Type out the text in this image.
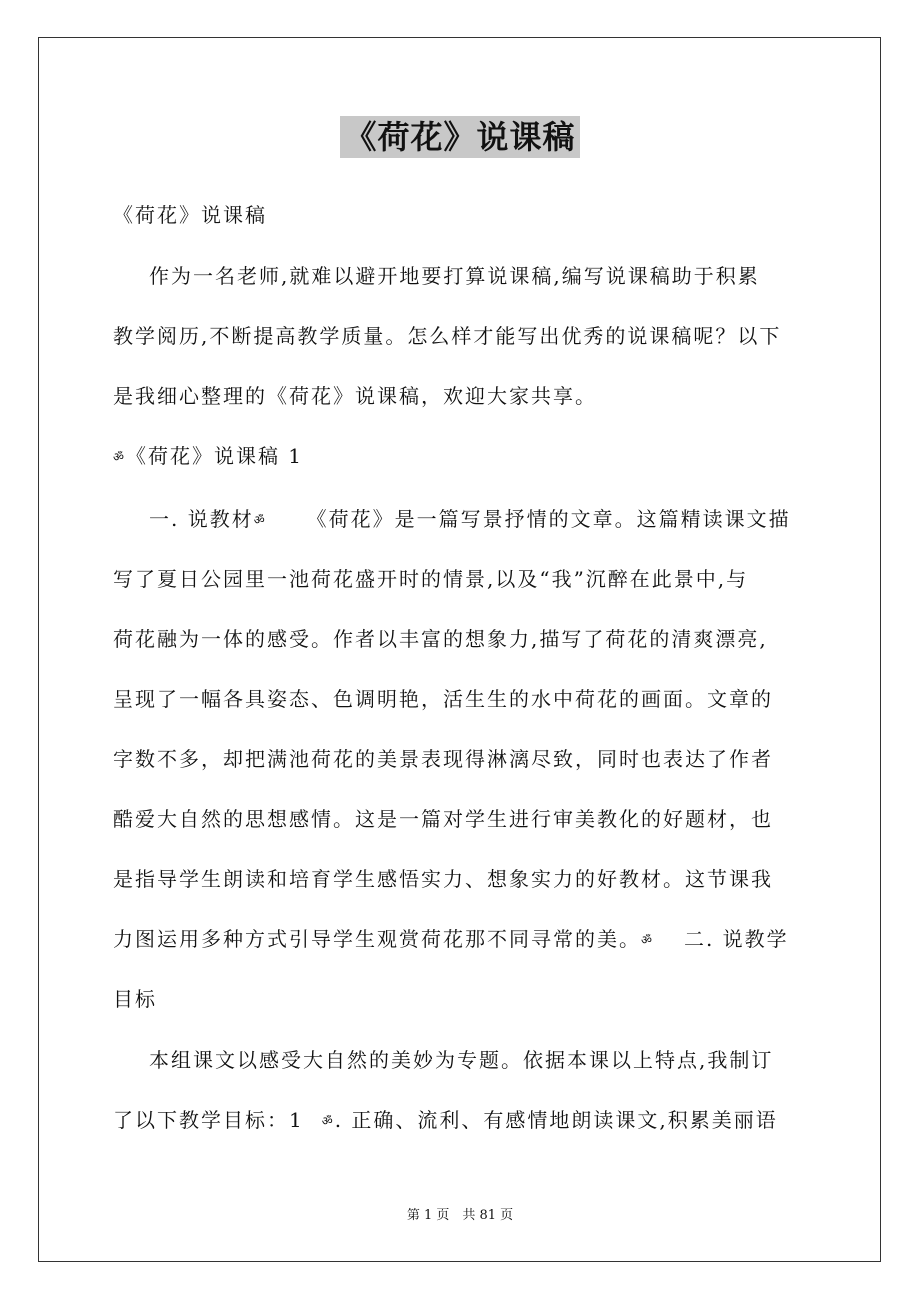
《荷花》说课稿
《荷花》说课稿
作为一名老师,就难以避开地要打算说课稿,编写说课稿助于积累
教学阅历,不断提高教学质量。怎么样才能写出优秀的说课稿呢？以下
是我细心整理的《荷花》说课稿，欢迎大家共享。
ॐ《荷花》说课稿 1
一. 说教材ॐ 《荷花》是一篇写景抒情的文章。这篇精读课文描
写了夏日公园里一池荷花盛开时的情景,以及“我”沉醉在此景中,与
荷花融为一体的感受。作者以丰富的想象力,描写了荷花的清爽漂亮,
呈现了一幅各具姿态、色调明艳，活生生的水中荷花的画面。文章的
字数不多，却把满池荷花的美景表现得淋漓尽致，同时也表达了作者
酷爱大自然的思想感情。这是一篇对学生进行审美教化的好题材，也
是指导学生朗读和培育学生感悟实力、想象实力的好教材。这节课我
力图运用多种方式引导学生观赏荷花那不同寻常的美。ॐ 二. 说教学
目标
本组课文以感受大自然的美妙为专题。依据本课以上特点,我制订
了以下教学目标：1 ॐ. 正确、流利、有感情地朗读课文,积累美丽语
第 1 页　共 81 页
